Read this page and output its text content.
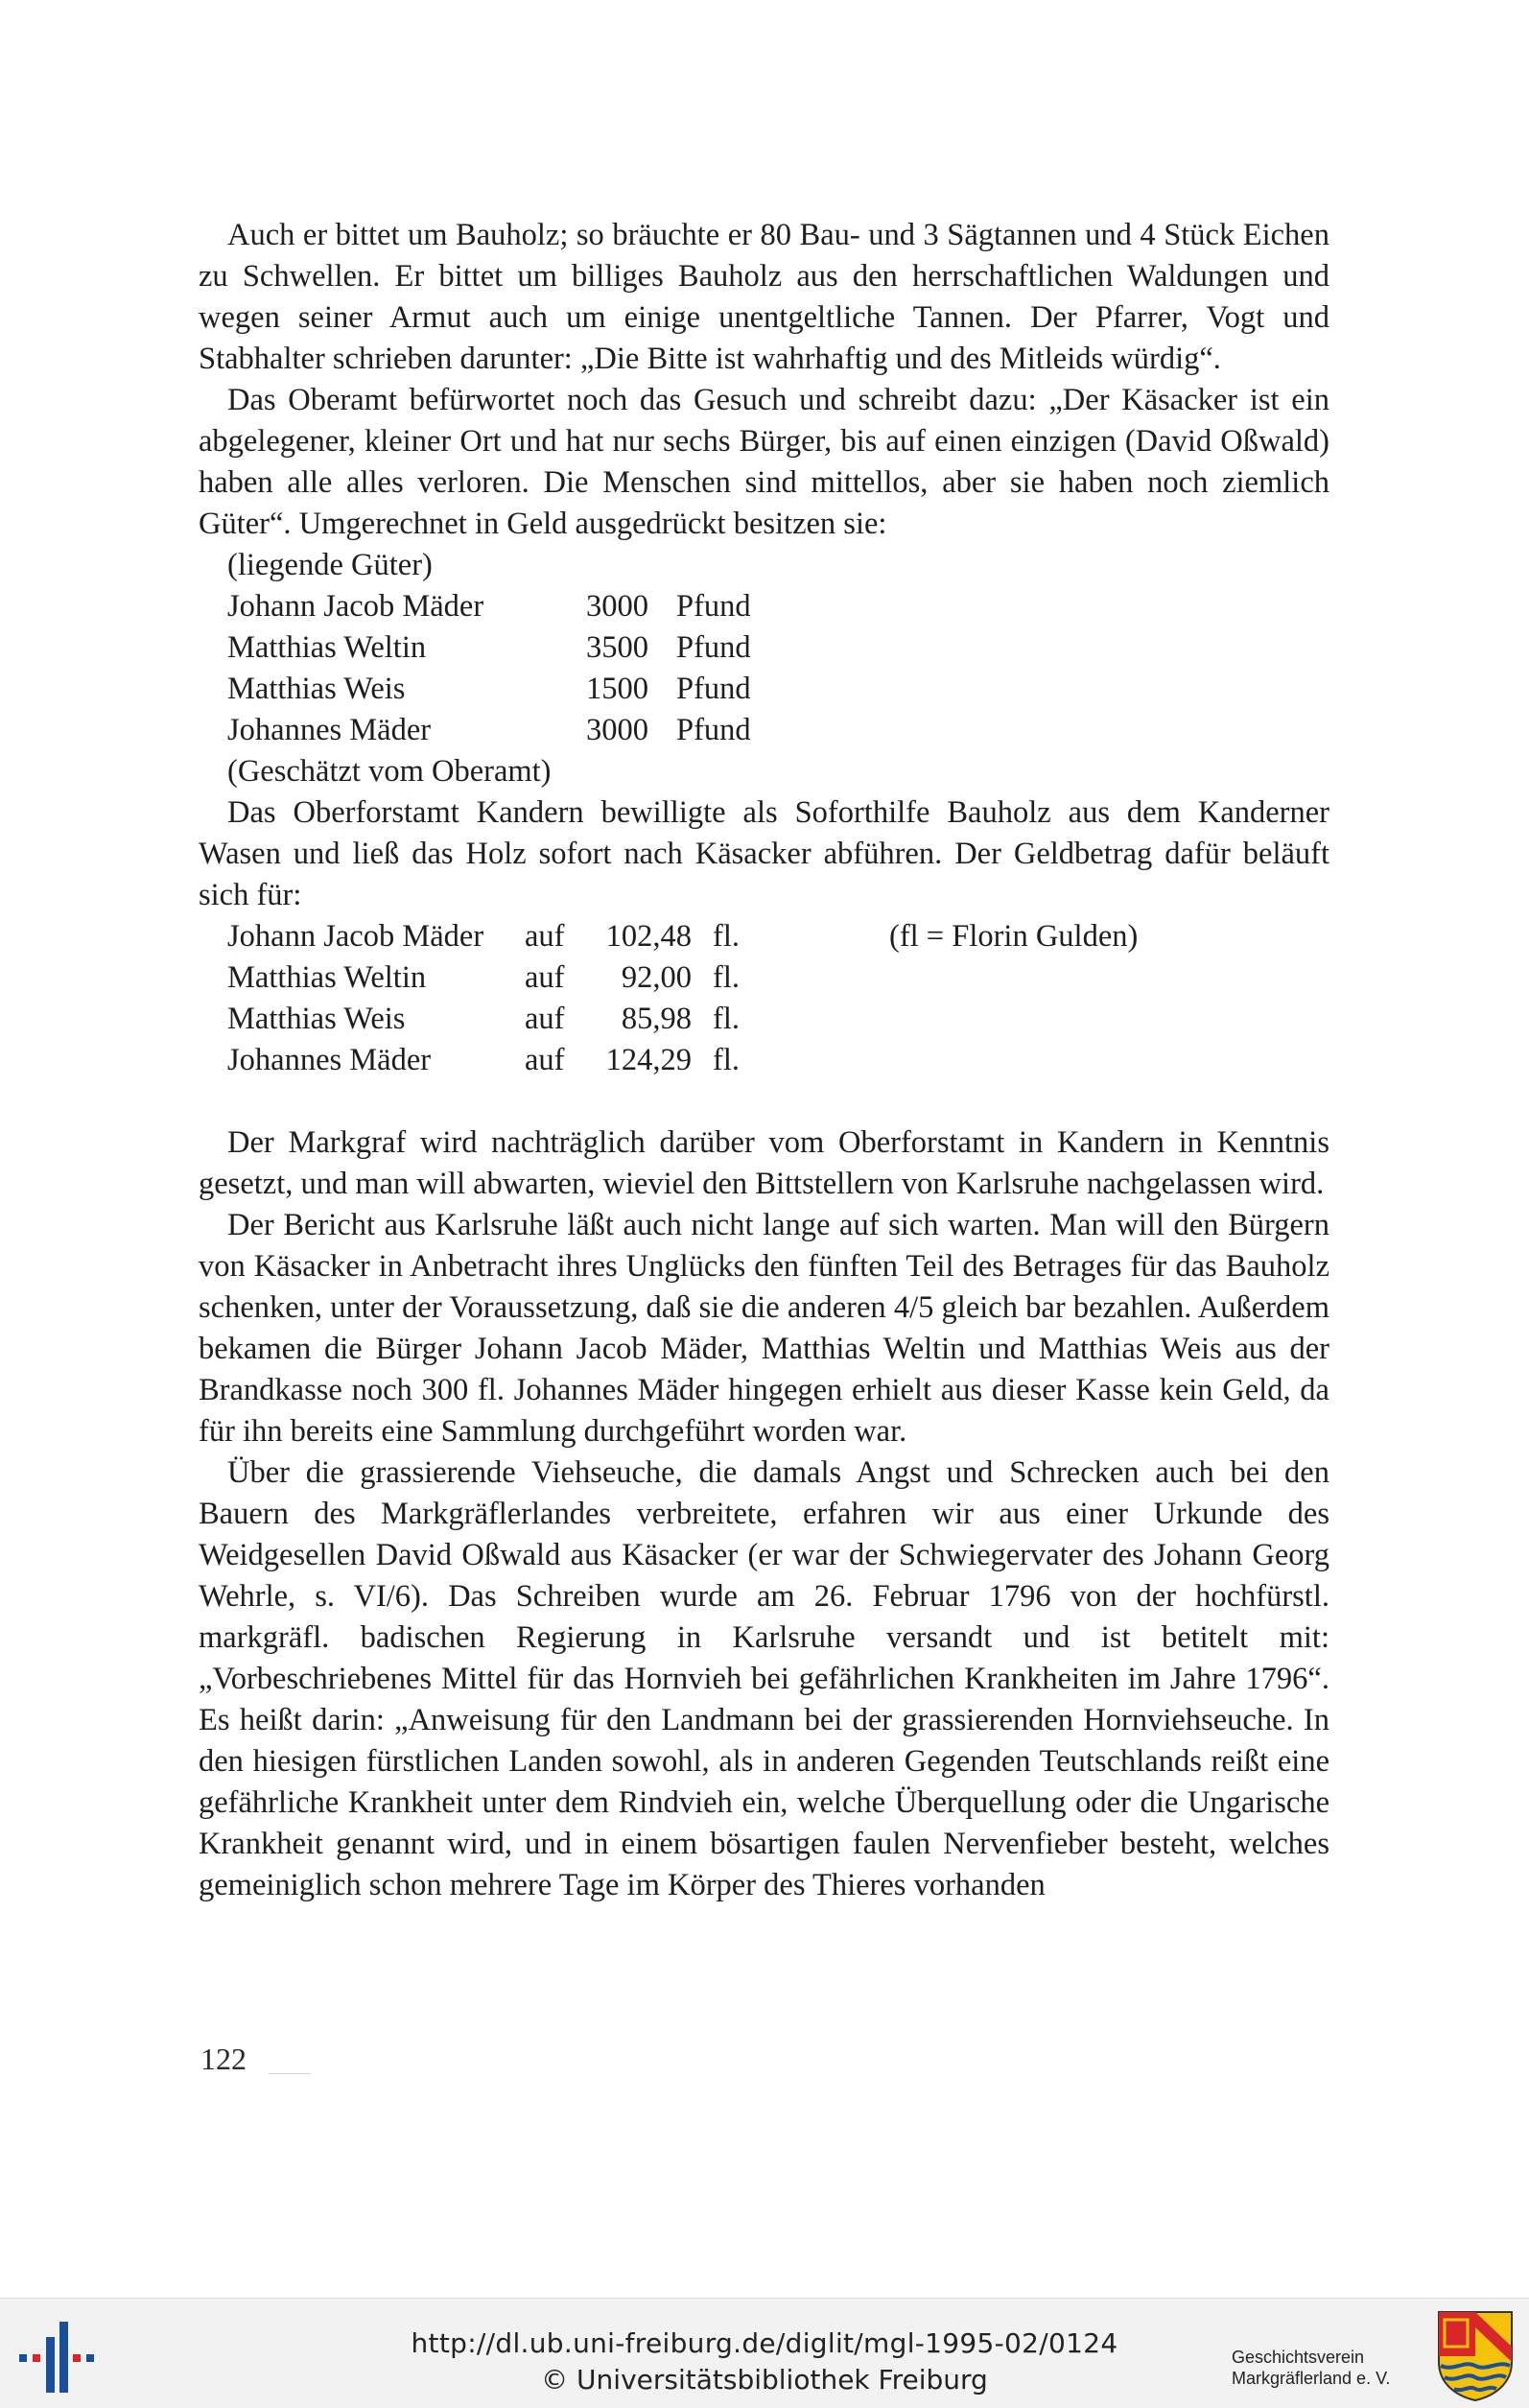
Auch er bittet um Bauholz; so bräuchte er 80 Bau- und 3 Sägtannen und 4 Stück Eichen zu Schwellen. Er bittet um billiges Bauholz aus den herrschaftlichen Waldungen und wegen seiner Armut auch um einige unentgeltliche Tannen. Der Pfarrer, Vogt und Stabhalter schrieben darunter: „Die Bitte ist wahrhaftig und des Mitleids würdig“.

Das Oberamt befürwortet noch das Gesuch und schreibt dazu: „Der Käsacker ist ein abgelegener, kleiner Ort und hat nur sechs Bürger, bis auf einen einzigen (David Oßwald) haben alle alles verloren. Die Menschen sind mittellos, aber sie haben noch ziemlich Güter“. Umgerechnet in Geld ausgedrückt besitzen sie:

(liegende Güter)

Johann Jacob Mäder	3000	Pfund
Matthias Weltin	3500	Pfund
Matthias Weis	1500	Pfund
Johannes Mäder	3000	Pfund

(Geschätzt vom Oberamt)

Das Oberforstamt Kandern bewilligte als Soforthilfe Bauholz aus dem Kanderner Wasen und ließ das Holz sofort nach Käsacker abführen. Der Geldbetrag dafür beläuft sich für:

Johann Jacob Mäder	auf	102,48	fl.	(fl = Florin Gulden)
Matthias Weltin	auf	92,00	fl.	
Matthias Weis	auf	85,98	fl.	
Johannes Mäder	auf	124,29	fl.	

Der Markgraf wird nachträglich darüber vom Oberforstamt in Kandern in Kenntnis gesetzt, und man will abwarten, wieviel den Bittstellern von Karlsruhe nachgelassen wird.

Der Bericht aus Karlsruhe läßt auch nicht lange auf sich warten. Man will den Bürgern von Käsacker in Anbetracht ihres Unglücks den fünften Teil des Betrages für das Bauholz schenken, unter der Voraussetzung, daß sie die anderen 4/5 gleich bar bezahlen. Außerdem bekamen die Bürger Johann Jacob Mäder, Matthias Weltin und Matthias Weis aus der Brandkasse noch 300 fl. Johannes Mäder hingegen erhielt aus dieser Kasse kein Geld, da für ihn bereits eine Sammlung durchgeführt worden war.

Über die grassierende Viehseuche, die damals Angst und Schrecken auch bei den Bauern des Markgräflerlandes verbreitete, erfahren wir aus einer Urkunde des Weidgesellen David Oßwald aus Käsacker (er war der Schwiegervater des Johann Georg Wehrle, s. VI/6). Das Schreiben wurde am 26. Februar 1796 von der hochfürstl. markgräfl. badischen Regierung in Karlsruhe versandt und ist betitelt mit: „Vorbeschriebenes Mittel für das Hornvieh bei gefährlichen Krankheiten im Jahre 1796“. Es heißt darin: „Anweisung für den Landmann bei der grassierenden Hornviehseuche. In den hiesigen fürstlichen Landen sowohl, als in anderen Gegenden Teutschlands reißt eine gefährliche Krankheit unter dem Rindvieh ein, welche Überquellung oder die Ungarische Krankheit genannt wird, und in einem bösartigen faulen Nervenfieber besteht, welches gemeiniglich schon mehrere Tage im Körper des Thieres vorhanden

122
http://dl.ub.uni-freiburg.de/diglit/mgl-1995-02/0124
© Universitätsbibliothek Freiburg
Geschichtsverein
Markgräflerland e. V.
